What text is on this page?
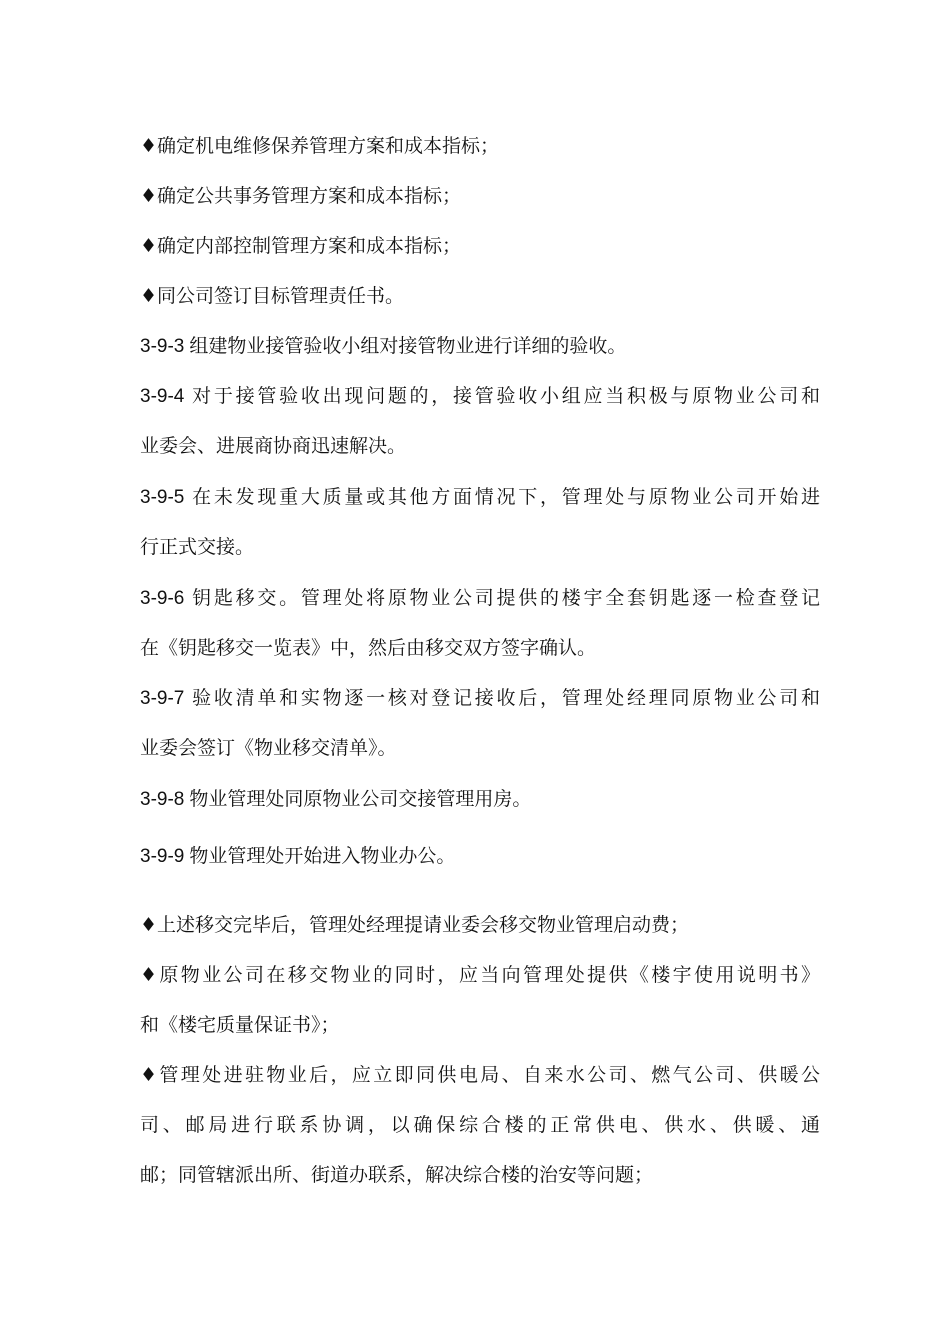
♦确定机电维修保养管理方案和成本指标；
♦确定公共事务管理方案和成本指标；
♦确定内部控制管理方案和成本指标；
♦同公司签订目标管理责任书。
3-9-3 组建物业接管验收小组对接管物业进行详细的验收。
3-9-4 对于接管验收出现问题的，接管验收小组应当积极与原物业公司和
业委会、进展商协商迅速解决。
3-9-5 在未发现重大质量或其他方面情况下，管理处与原物业公司开始进
行正式交接。
3-9-6 钥匙移交。管理处将原物业公司提供的楼宇全套钥匙逐一检查登记
在《钥匙移交一览表》中，然后由移交双方签字确认。
3-9-7 验收清单和实物逐一核对登记接收后，管理处经理同原物业公司和
业委会签订《物业移交清单》。
3-9-8 物业管理处同原物业公司交接管理用房。
3-9-9 物业管理处开始进入物业办公。
♦上述移交完毕后，管理处经理提请业委会移交物业管理启动费；
♦原物业公司在移交物业的同时，应当向管理处提供《楼宇使用说明书》
和《楼宅质量保证书》；
♦管理处进驻物业后，应立即同供电局、自来水公司、燃气公司、供暖公
司、邮局进行联系协调，以确保综合楼的正常供电、供水、供暖、通
邮；同管辖派出所、街道办联系，解决综合楼的治安等问题；
